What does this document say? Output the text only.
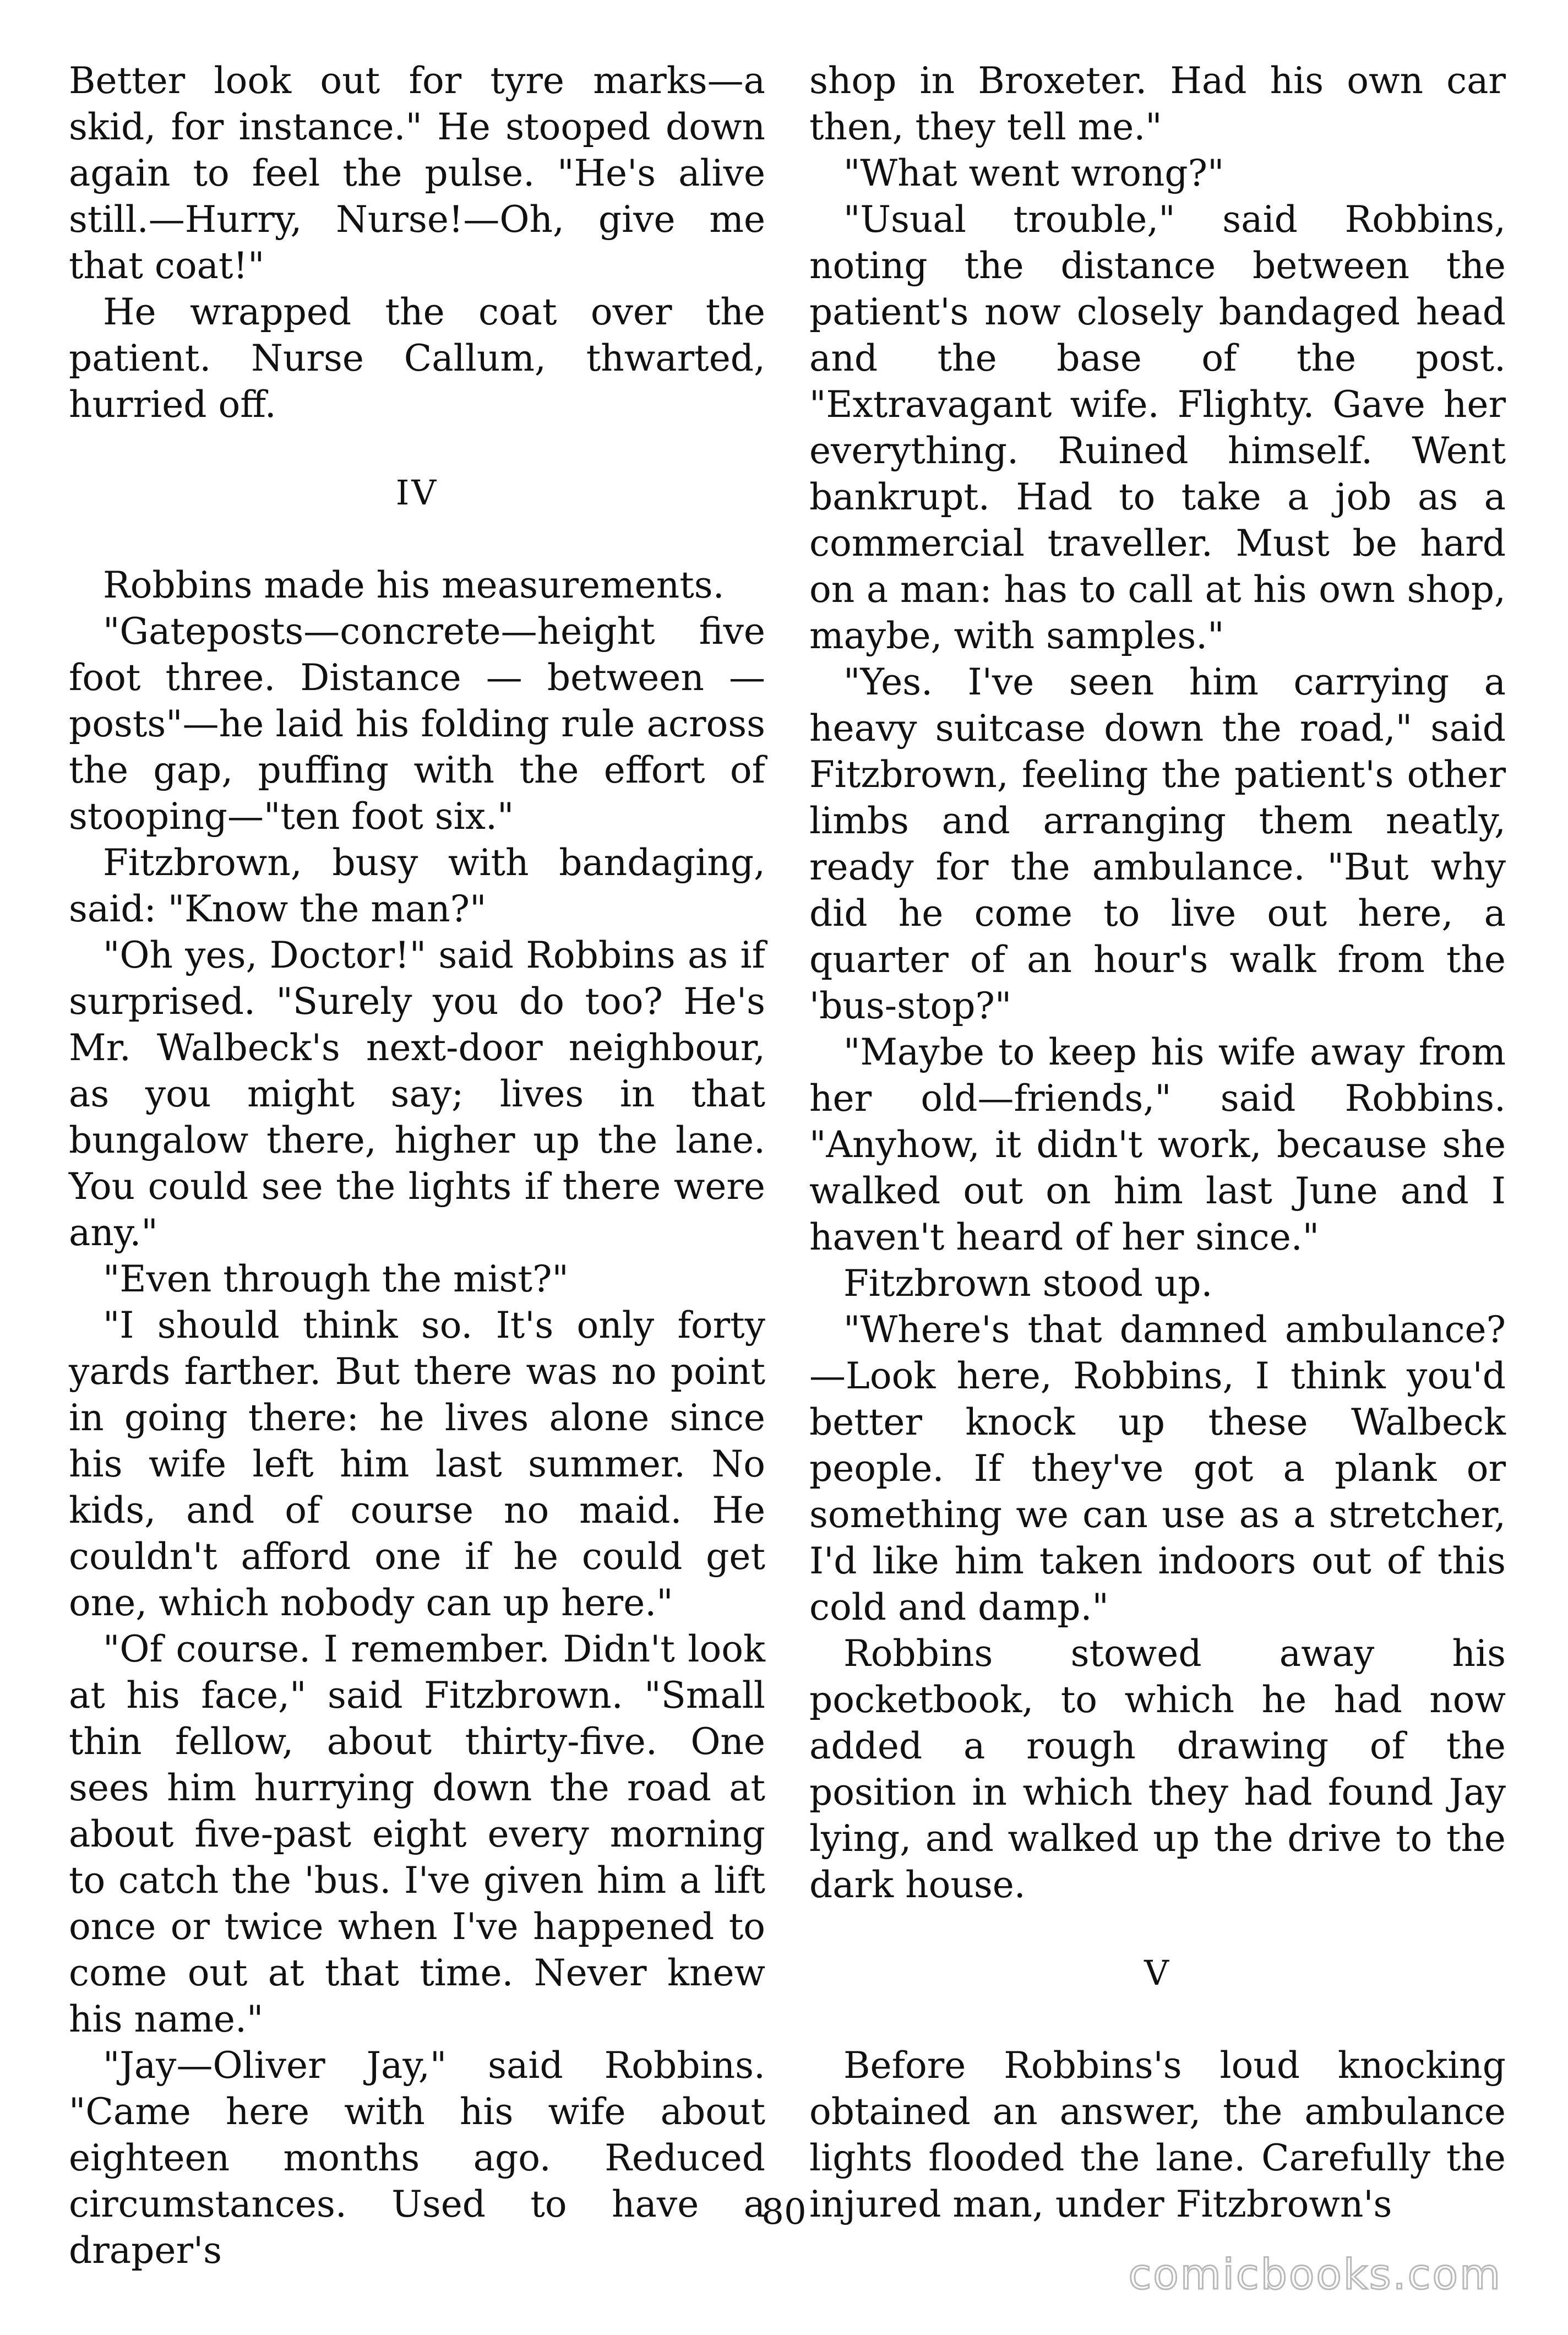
Better look out for tyre marks—a skid, for instance." He stooped down again to feel the pulse. "He's alive still.—Hurry, Nurse!—Oh, give me that coat!"

He wrapped the coat over the patient. Nurse Callum, thwarted, hurried off.

IV

Robbins made his measurements.

"Gateposts—concrete—height five foot three. Distance — between — posts"—he laid his folding rule across the gap, puffing with the effort of stooping—"ten foot six."

Fitzbrown, busy with bandaging, said: "Know the man?"

"Oh yes, Doctor!" said Robbins as if surprised. "Surely you do too? He's Mr. Walbeck's next-door neighbour, as you might say; lives in that bungalow there, higher up the lane. You could see the lights if there were any."

"Even through the mist?"

"I should think so. It's only forty yards farther. But there was no point in going there: he lives alone since his wife left him last summer. No kids, and of course no maid. He couldn't afford one if he could get one, which nobody can up here."

"Of course. I remember. Didn't look at his face," said Fitzbrown. "Small thin fellow, about thirty-five. One sees him hurrying down the road at about five-past eight every morning to catch the 'bus. I've given him a lift once or twice when I've happened to come out at that time. Never knew his name."

"Jay—Oliver Jay," said Robbins. "Came here with his wife about eighteen months ago. Reduced circumstances. Used to have a draper's

shop in Broxeter. Had his own car then, they tell me."

"What went wrong?"

"Usual trouble," said Robbins, noting the distance between the patient's now closely bandaged head and the base of the post. "Extravagant wife. Flighty. Gave her everything. Ruined himself. Went bankrupt. Had to take a job as a commercial traveller. Must be hard on a man: has to call at his own shop, maybe, with samples."

"Yes. I've seen him carrying a heavy suitcase down the road," said Fitzbrown, feeling the patient's other limbs and arranging them neatly, ready for the ambulance. "But why did he come to live out here, a quarter of an hour's walk from the 'bus-stop?"

"Maybe to keep his wife away from her old—friends," said Robbins. "Anyhow, it didn't work, because she walked out on him last June and I haven't heard of her since."

Fitzbrown stood up.

"Where's that damned ambulance? —Look here, Robbins, I think you'd better knock up these Walbeck people. If they've got a plank or something we can use as a stretcher, I'd like him taken indoors out of this cold and damp."

Robbins stowed away his pocketbook, to which he had now added a rough drawing of the position in which they had found Jay lying, and walked up the drive to the dark house.

V

Before Robbins's loud knocking obtained an answer, the ambulance lights flooded the lane. Carefully the injured man, under Fitzbrown's

80
comicbooks.com
